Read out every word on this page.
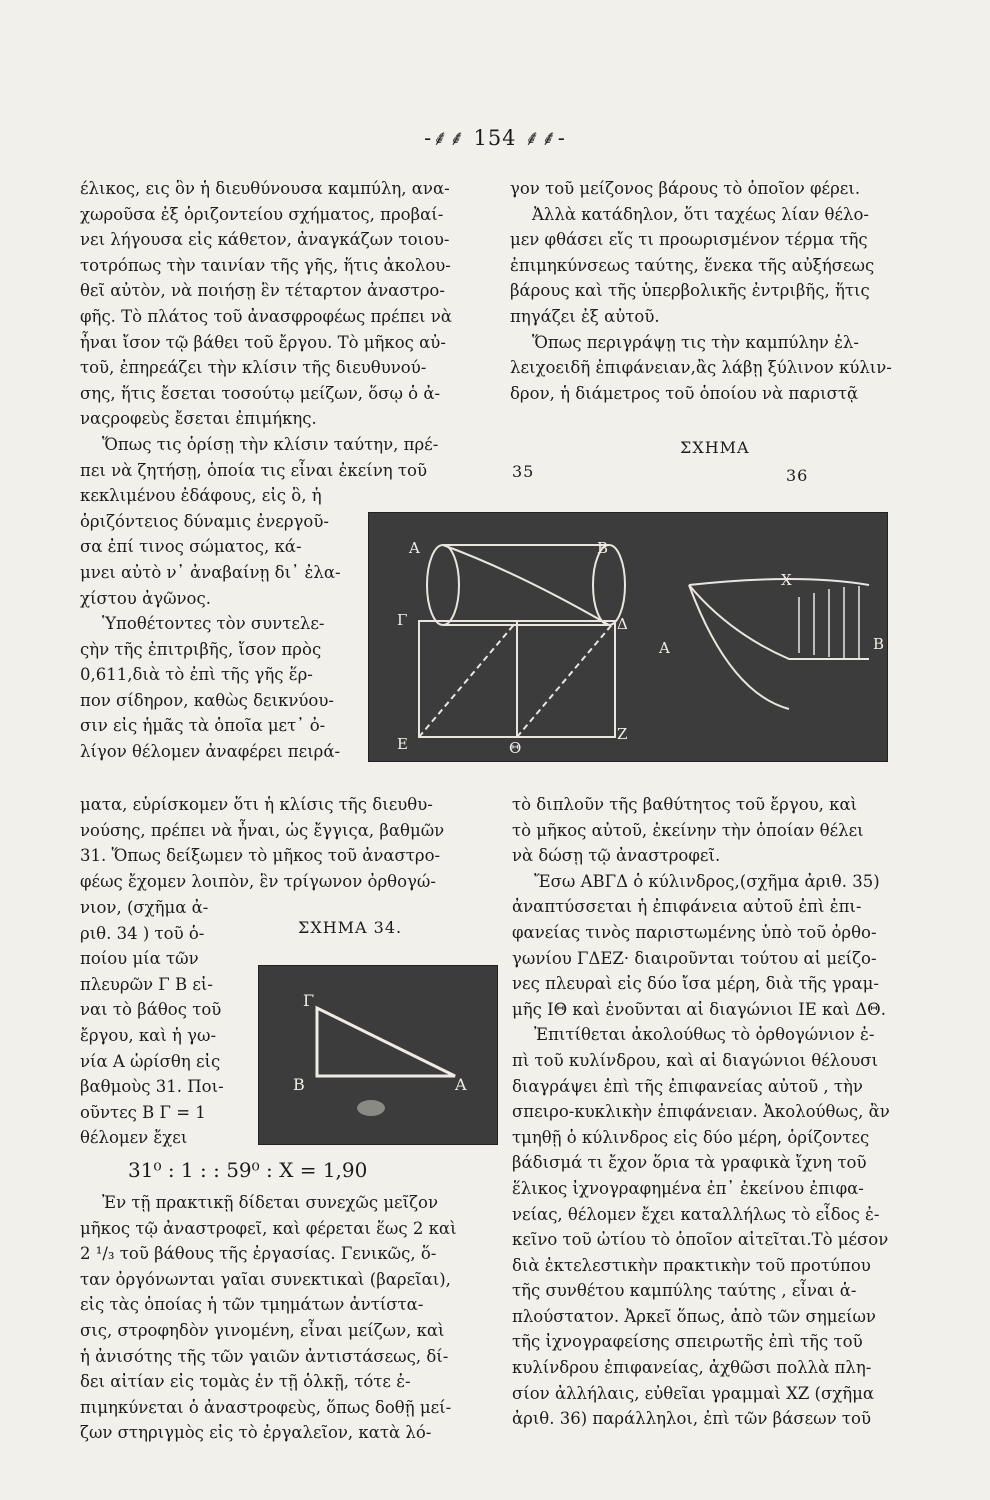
-⸙⸙ 154 ⸙⸙-
έλικος, εις ὃν ἡ διευθύνουσα καμπύλη, ανα-
χωροῦσα ἐξ ὁριζοντείου σχήματος, προβαί-
νει λήγουσα εἰς κάθετον, ἀναγκάζων τοιου-
τοτρόπως τὴν ταινίαν τῆς γῆς, ἥτις ἀκολου-
θεῖ αὐτὸν, νὰ ποιήσῃ ἓν τέταρτον ἀναστρο-
φῆς. Τὸ πλάτος τοῦ ἀνασφροφέως πρέπει νὰ
ἦναι ἴσον τῷ βάθει τοῦ ἔργου. Τὸ μῆκος αὐ-
τοῦ, ἐπηρεάζει τὴν κλίσιν τῆς διευθυνού-
σης, ἥτις ἔσεται τοσούτῳ μείζων, ὅσῳ ὁ ἀ-
ναςροφεὺς ἔσεται ἐπιμήκης.
Ὅπως τις ὁρίσῃ τὴν κλίσιν ταύτην, πρέ-
πει νὰ ζητήσῃ, ὁποία τις εἶναι ἐκείνη τοῦ
κεκλιμένου ἐδάφους, εἰς ὃ, ἡ
ὁριζόντειος δύναμις ἐνεργοῦ-
σα ἐπί τινος σώματος, κά-
μνει αὐτὸ ν᾽ ἀναβαίνῃ δι᾽ ἐλα-
χίστου ἀγῶνος.
Ὑποθέτοντες τὸν συντελε-
ςὴν τῆς ἐπιτριβῆς, ἴσον πρὸς
0,611,διὰ τὸ ἐπὶ τῆς γῆς ἕρ-
πον σίδηρον, καθὼς δεικνύου-
σιν εἰς ἡμᾶς τὰ ὁποῖα μετ᾽ ὀ-
λίγον θέλομεν ἀναφέρει πειρά-
ματα, εὑρίσκομεν ὅτι ἡ κλίσις τῆς διευθυ-
νούσης, πρέπει νὰ ἦναι, ὡς ἔγγιςα, βαθμῶν
31. Ὅπως δείξωμεν τὸ μῆκος τοῦ ἀναστρο-
φέως ἔχομεν λοιπὸν, ἓν τρίγωνον ὀρθογώ-
νιον, (σχῆμα ἀ-
ριθ. 34 ) τοῦ ὁ-
ποίου μία τῶν
πλευρῶν Γ Β εἰ-
ναι τὸ βάθος τοῦ
ἔργου, καὶ ἡ γω-
νία Α ὡρίσθη εἰς
βαθμοὺς 31. Ποι-
οῦντες Β Γ = 1
θέλομεν ἔχει
31⁰ : 1 : : 59⁰ : X = 1,90
Ἐν τῇ πρακτικῇ δίδεται συνεχῶς μεῖζον
μῆκος τῷ ἀναστροφεῖ, καὶ φέρεται ἕως 2 καὶ
2 ¹/₃ τοῦ βάθους τῆς ἐργασίας. Γενικῶς, ὅ-
ταν ὀργόνωνται γαῖαι συνεκτικαὶ (βαρεῖαι),
εἰς τὰς ὁποίας ἡ τῶν τμημάτων ἀντίστα-
σις, στροφηδὸν γινομένη, εἶναι μείζων, καὶ
ἡ ἀνισότης τῆς τῶν γαιῶν ἀντιστάσεως, δί-
δει αἰτίαν εἰς τομὰς ἐν τῇ ὁλκῇ, τότε ἐ-
πιμηκύνεται ὁ ἀναστροφεὺς, ὅπως δοθῇ μεί-
ζων στηριγμὸς εἰς τὸ ἐργαλεῖον, κατὰ λό-
γον τοῦ μείζονος βάρους τὸ ὁποῖον φέρει.
Ἀλλὰ κατάδηλον, ὅτι ταχέως λίαν θέλο-
μεν φθάσει εἴς τι προωρισμένον τέρμα τῆς
ἐπιμηκύνσεως ταύτης, ἕνεκα τῆς αὐξήσεως
βάρους καὶ τῆς ὑπερβολικῆς ἐντριβῆς, ἥτις
πηγάζει ἐξ αὐτοῦ.
Ὅπως περιγράψῃ τις τὴν καμπύλην ἐλ-
λειχοειδῆ ἐπιφάνειαν,ἂς λάβῃ ξύλινον κύλιν-
δρον, ἡ διάμετρος τοῦ ὁποίου νὰ παριστᾷ
ΣΧΗΜΑ
35	36
Α	Β
Γ	Δ
Ε
Ζ
Θ
Α
Χ
Β
τὸ διπλοῦν τῆς βαθύτητος τοῦ ἔργου, καὶ
τὸ μῆκος αὐτοῦ, ἐκείνην τὴν ὁποίαν θέλει
νὰ δώσῃ τῷ ἀναστροφεῖ.
Ἔσω ΑΒΓΔ ὁ κύλινδρος,(σχῆμα ἀριθ. 35)
ἀναπτύσσεται ἡ ἐπιφάνεια αὐτοῦ ἐπὶ ἐπι-
φανείας τινὸς παριστωμένης ὑπὸ τοῦ ὀρθο-
γωνίου ΓΔΕΖ· διαιροῦνται τούτου αἱ μείζο-
νες πλευραὶ εἰς δύο ἴσα μέρη, διὰ τῆς γραμ-
μῆς ΙΘ καὶ ἑνοῦνται αἱ διαγώνιοι ΙΕ καὶ ΔΘ.
Ἐπιτίθεται ἀκολούθως τὸ ὀρθογώνιον ἐ-
πὶ τοῦ κυλίνδρου, καὶ αἱ διαγώνιοι θέλουσι
διαγράψει ἐπὶ τῆς ἐπιφανείας αὐτοῦ , τὴν
σπειρο-κυκλικὴν ἐπιφάνειαν. Ἀκολούθως, ἂν
τμηθῇ ὁ κύλινδρος εἰς δύο μέρη, ὁρίζοντες
βάδισμά τι ἔχον ὅρια τὰ γραφικὰ ἴχνη τοῦ
ἕλικος ἰχνογραφημένα ἐπ᾽ ἐκείνου ἐπιφα-
νείας, θέλομεν ἔχει καταλλήλως τὸ εἶδος ἐ-
κεῖνο τοῦ ὠτίου τὸ ὁποῖον αἰτεῖται.Τὸ μέσον
διὰ ἐκτελεστικὴν πρακτικὴν τοῦ προτύπου
τῆς συνθέτου καμπύλης ταύτης , εἶναι ἁ-
πλούστατον. Ἀρκεῖ ὅπως, ἀπὸ τῶν σημείων
τῆς ἰχνογραφείσης σπειρωτῆς ἐπὶ τῆς τοῦ
κυλίνδρου ἐπιφανείας, ἀχθῶσι πολλὰ πλη-
σίον ἀλλήλαις, εὐθεῖαι γραμμαὶ ΧΖ (σχῆμα
ἀριθ. 36) παράλληλοι, ἐπὶ τῶν βάσεων τοῦ
ΣΧΗΜΑ 34.
Γ
Β	Α
